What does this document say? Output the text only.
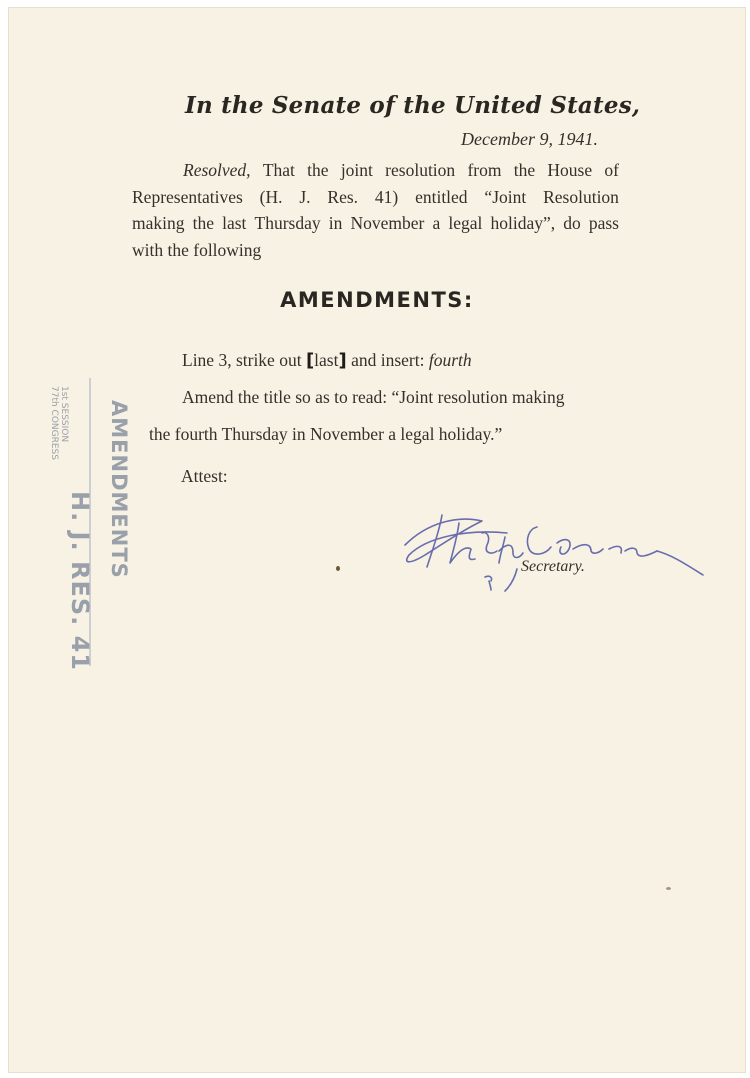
1st SESSION
77th CONGRESS
H. J. RES. 41
AMENDMENTS
In the Senate of the United States,
December 9, 1941.
Resolved, That the joint resolution from the House of
Representatives (H. J. Res. 41) entitled “Joint Resolution
making the last Thursday in November a legal holiday”, do pass
with the following
AMENDMENTS:
Line 3, strike out [last] and insert: fourth
Amend the title so as to read: “Joint resolution making
the fourth Thursday in November a legal holiday.”
Attest:
Secretary.
